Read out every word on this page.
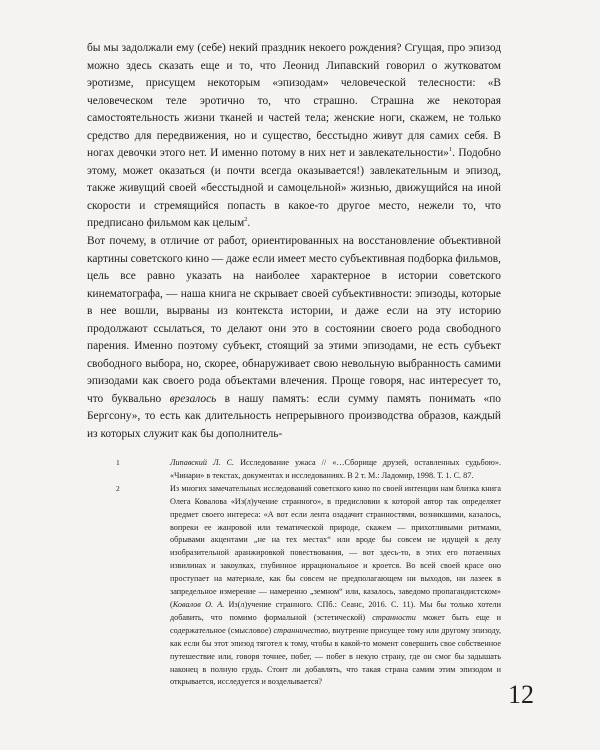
бы мы задолжали ему (себе) некий праздник некоего рождения? Сгущая, про эпизод можно здесь сказать еще и то, что Леонид Липавский говорил о жутковатом эротизме, присущем некоторым «эпизодам» человеческой телесности: «В человеческом теле эротично то, что страшно. Страшна же некоторая самостоятельность жизни тканей и частей тела; женские ноги, скажем, не только средство для передвижения, но и существо, бесстыдно живут для самих себя. В ногах девочки этого нет. И именно потому в них нет и завлекательности»$^1$. Подобно этому, может оказаться (и почти всегда оказывается!) завлекательным и эпизод, также живущий своей «бесстыдной и самоцельной» жизнью, движущийся на иной скорости и стремящийся попасть в какое-то другое место, нежели то, что предписано фильмом как целым$^2$.

Вот почему, в отличие от работ, ориентированных на восстановление объективной картины советского кино — даже если имеет место субъективная подборка фильмов, цель все равно указать на наиболее характерное в истории советского кинематографа, — наша книга не скрывает своей субъективности: эпизоды, которые в нее вошли, вырваны из контекста истории, и даже если на эту историю продолжают ссылаться, то делают они это в состоянии своего рода свободного парения. Именно поэтому субъект, стоящий за этими эпизодами, не есть субъект свободного выбора, но, скорее, обнаруживает свою невольную выбранность самими эпизодами как своего рода объектами влечения. Проще говоря, нас интересует то, что буквально врезалось в нашу память: если сумму память понимать «по Бергсону», то есть как длительность непрерывного производства образов, каждый из которых служит как бы дополнитель-

1	Липавский Л. С. Исследование ужаса // «…Сборище друзей, оставленных судьбою». «Чинари» в текстах, документах и исследованиях. В 2 т. М.: Ладомир, 1998. Т. 1. С. 87.

2	Из многих замечательных исследований советского кино по своей интенции нам близка книга Олега Ковалова «Из(л)учение странного», в предисловии к которой автор так определяет предмет своего интереса: «А вот если лента озадачит странностями, возникшими, казалось, вопреки ее жанровой или тематической природе, скажем — прихотливыми ритмами, обрывами акцентами „не на тех местах“ или вроде бы совсем не идущей к делу изобразительной аранжировкой повествования, — вот здесь-то, в этих его потаенных извилинах и закоулках, глубинное иррациональное и кроется. Во всей своей красе оно проступает на материале, как бы совсем не предполагающем ни выходов, ни лазеек в запредельное измерение — намеренно „земном“ или, казалось, заведомо пропагандистском» (Ковалов О. А. Из(л)учение странного. СПб.: Сеанс, 2016. С. 11). Мы бы только хотели добавить, что помимо формальной (эстетической) странности может быть еще и содержательное (смысловое) странничество, внутренне присущее тому или другому эпизоду, как если бы этот эпизод тяготел к тому, чтобы в какой-то момент совершить свое собственное путешествие или, говоря точнее, побег, — побег в некую страну, где он смог бы задышать наконец в полную грудь. Стоит ли добавлять, что такая страна самим этим эпизодом и открывается, исследуется и возделывается?	12
